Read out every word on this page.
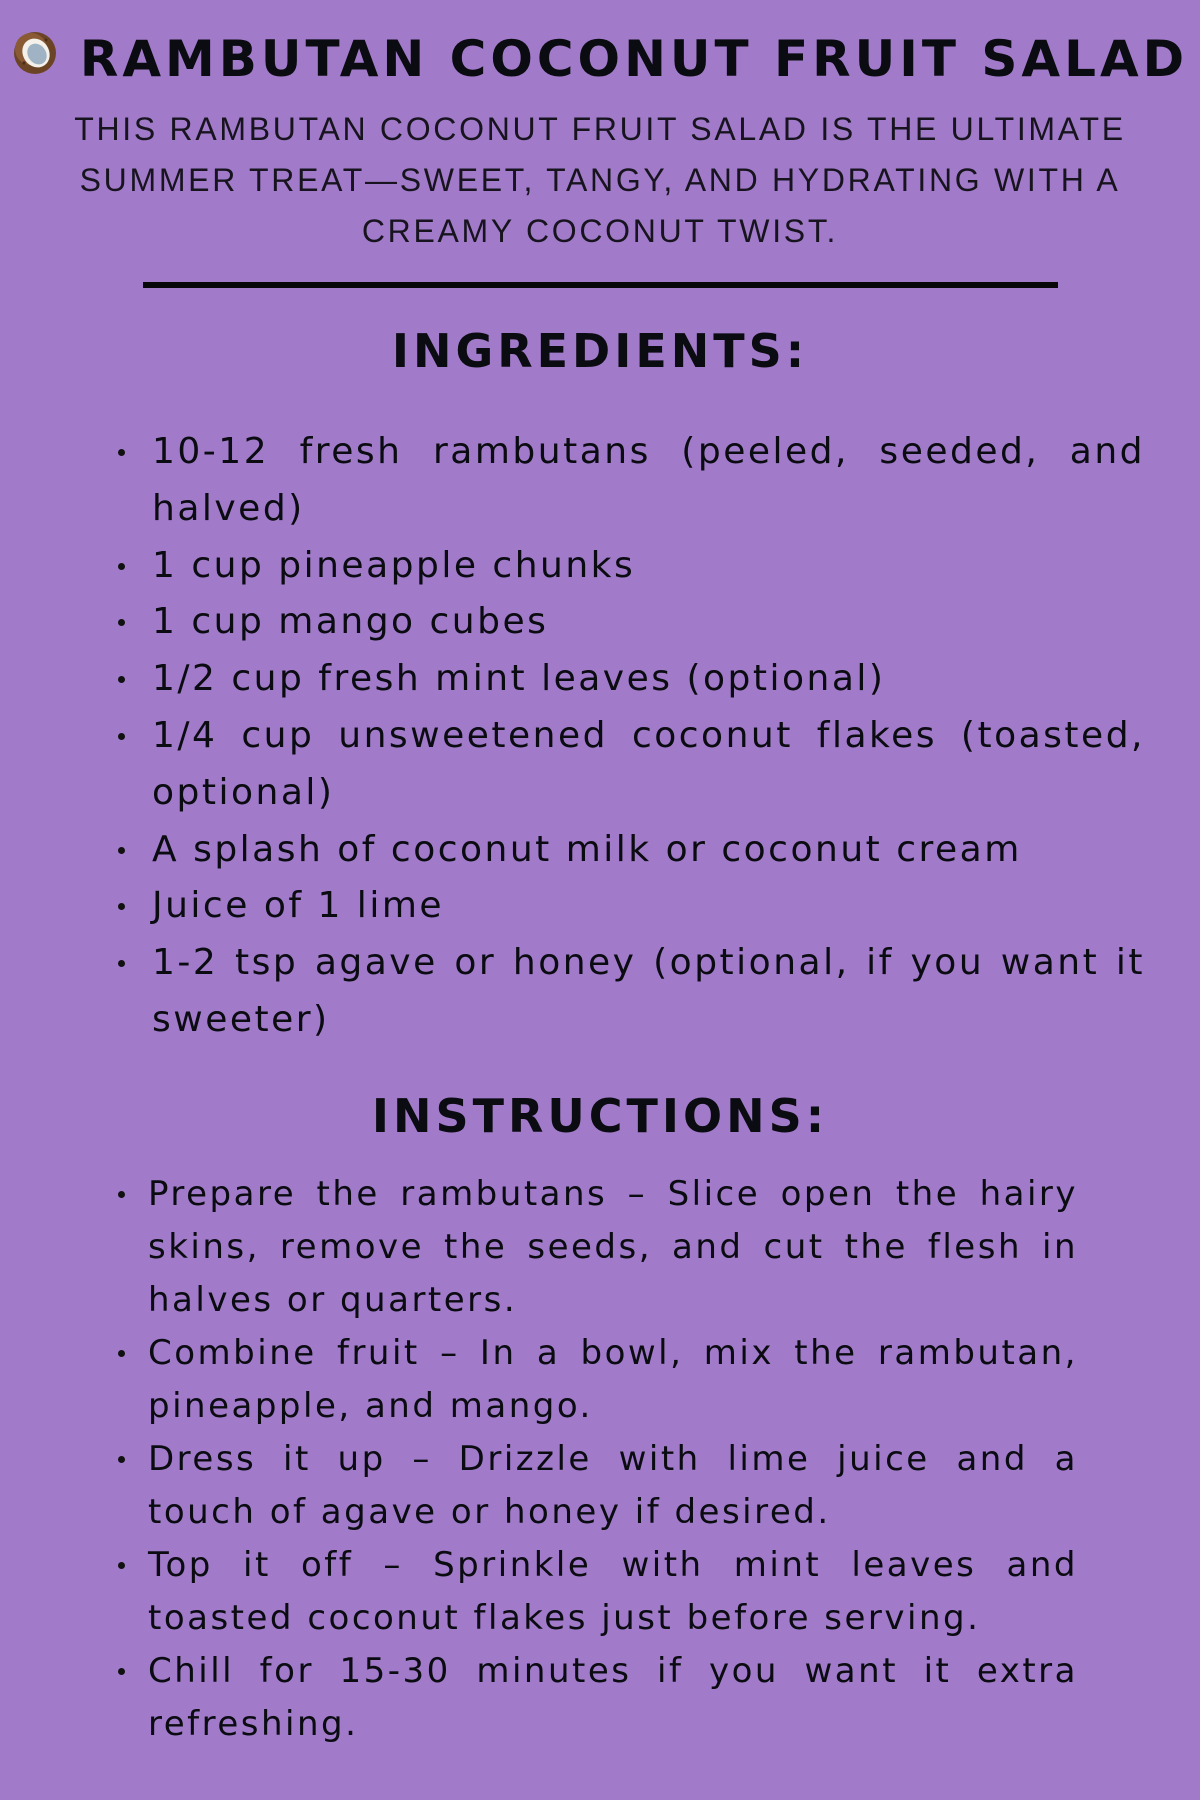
RAMBUTAN COCONUT FRUIT SALAD

THIS RAMBUTAN COCONUT FRUIT SALAD IS THE ULTIMATE SUMMER TREAT—SWEET, TANGY, AND HYDRATING WITH A CREAMY COCONUT TWIST.

INGREDIENTS:
10-12 fresh rambutans (peeled, seeded, and halved)
1 cup pineapple chunks
1 cup mango cubes
1/2 cup fresh mint leaves (optional)
1/4 cup unsweetened coconut flakes (toasted, optional)
A splash of coconut milk or coconut cream
Juice of 1 lime
1-2 tsp agave or honey (optional, if you want it sweeter)
INSTRUCTIONS:
Prepare the rambutans – Slice open the hairy skins, remove the seeds, and cut the flesh in halves or quarters.
Combine fruit – In a bowl, mix the rambutan, pineapple, and mango.
Dress it up – Drizzle with lime juice and a touch of agave or honey if desired.
Top it off – Sprinkle with mint leaves and toasted coconut flakes just before serving.
Chill for 15-30 minutes if you want it extra refreshing.
